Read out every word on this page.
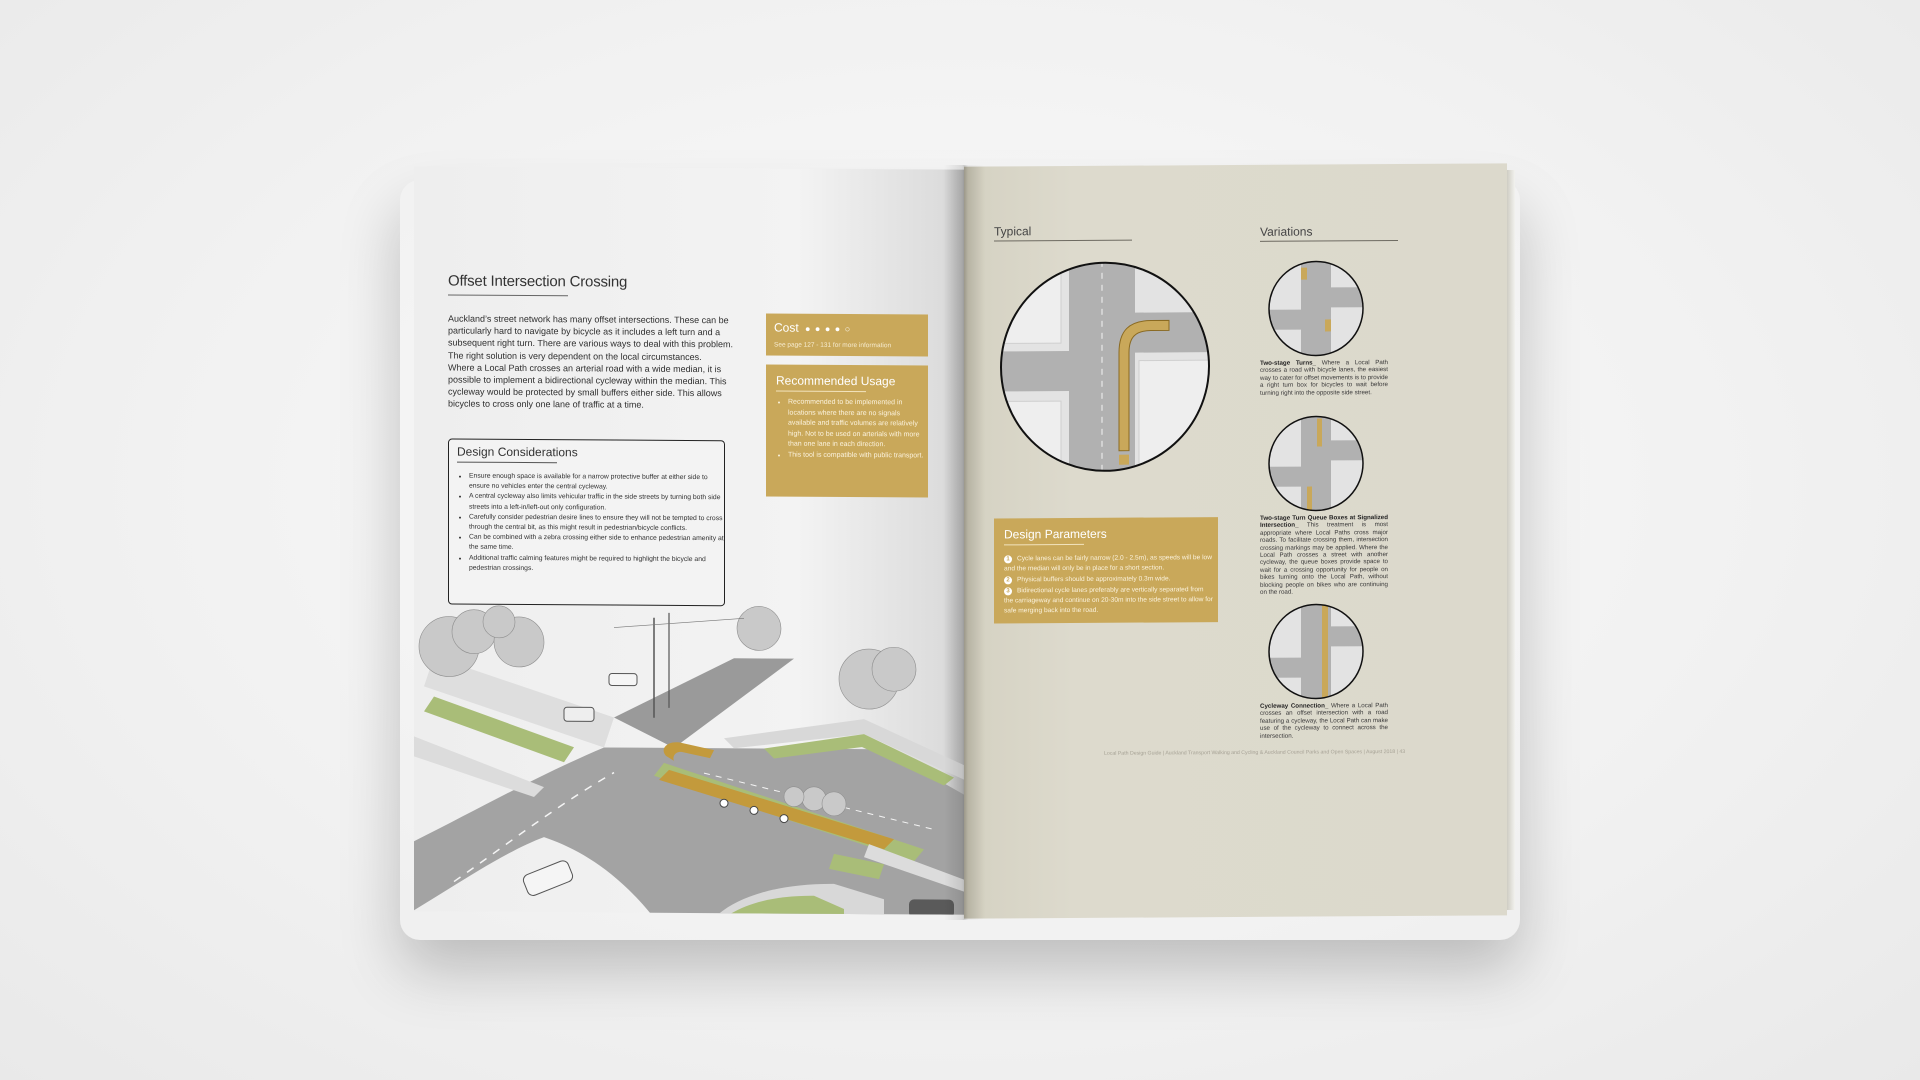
Offset Intersection Crossing

Auckland’s street network has many offset intersections. These can be particularly hard to navigate by bicycle as it includes a left turn and a subsequent right turn. There are various ways to deal with this problem. The right solution is very dependent on the local circumstances.

Where a Local Path crosses an arterial road with a wide median, it is possible to implement a bidirectional cycleway within the median. This cycleway would be protected by small buffers either side. This allows bicycles to cross only one lane of traffic at a time.

Cost ● ● ● ● ○
See page 127 - 131 for more information
Recommended Usage
• Recommended to be implemented in locations where there are no signals available and traffic volumes are relatively high. Not to be used on arterials with more than one lane in each direction.
• This tool is compatible with public transport.
Design Considerations
• Ensure enough space is available for a narrow protective buffer at either side to ensure no vehicles enter the central cycleway.
• A central cycleway also limits vehicular traffic in the side streets by turning both side streets into a left-in/left-out only configuration.
• Carefully consider pedestrian desire lines to ensure they will not be tempted to cross through the central bit, as this might result in pedestrian/bicycle conflicts.
• Can be combined with a zebra crossing either side to enhance pedestrian amenity at the same time.
• Additional traffic calming features might be required to highlight the bicycle and pedestrian crossings.
Typical	Variations
Two-stage Turns_ Where a Local Path crosses a road with bicycle lanes, the easiest way to cater for offset movements is to provide a right turn box for bicycles to wait before turning right into the opposite side street.
Two-stage Turn Queue Boxes at Signalized Intersection_ This treatment is most appropriate where Local Paths cross major roads. To facilitate crossing them, intersection crossing markings may be applied. Where the Local Path crosses a street with another cycleway, the queue boxes provide space to wait for a crossing opportunity for people on bikes turning onto the Local Path, without blocking people on bikes who are continuing on the road.
Cycleway Connection_ Where a Local Path crosses an offset intersection with a road featuring a cycleway, the Local Path can make use of the cycleway to connect across the intersection.
Design Parameters
1 Cycle lanes can be fairly narrow (2.0 - 2.5m), as speeds will be low and the median will only be in place for a short section.
2 Physical buffers should be approximately 0.3m wide.
3 Bidirectional cycle lanes preferably are vertically separated from the carriageway and continue on 20-30m into the side street to allow for safe merging back into the road.
Local Path Design Guide | Auckland Transport Walking and Cycling & Auckland Council Parks and Open Spaces | August 2018 | 43
